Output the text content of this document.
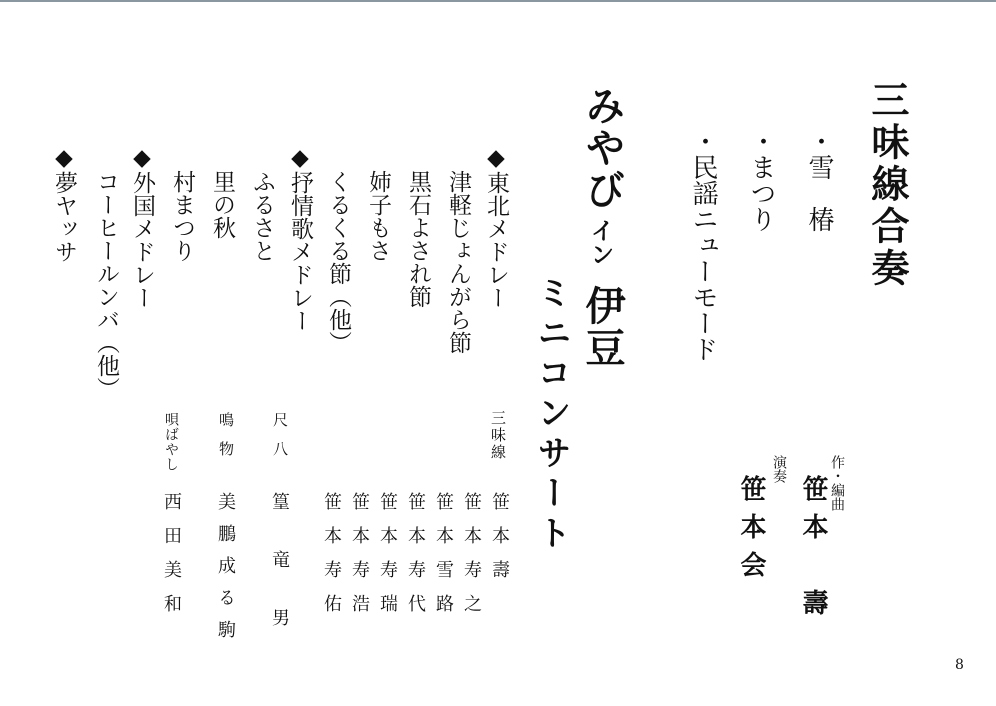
三味線合奏
・雪　椿
・まつり
・民謡ニューモード
作・編曲
笹本　壽
演奏
笹本会
みやび
イン
伊豆
ミニコンサート
◆東北メドレー
津軽じょんがら節
黒石よされ節
姉子もさ
くるくる節（他）
◆抒情歌メドレー
ふるさと
里の秋
村まつり
◆外国メドレー
コーヒールンバ（他）
◆夢ヤッサ
三味線
笹本壽
笹本寿之
笹本雪路
笹本寿代
笹本寿瑞
笹本寿浩
笹本寿佑
尺八
篁竜男
鳴物
美鵬成る駒
唄ばやし
西田美和
8
